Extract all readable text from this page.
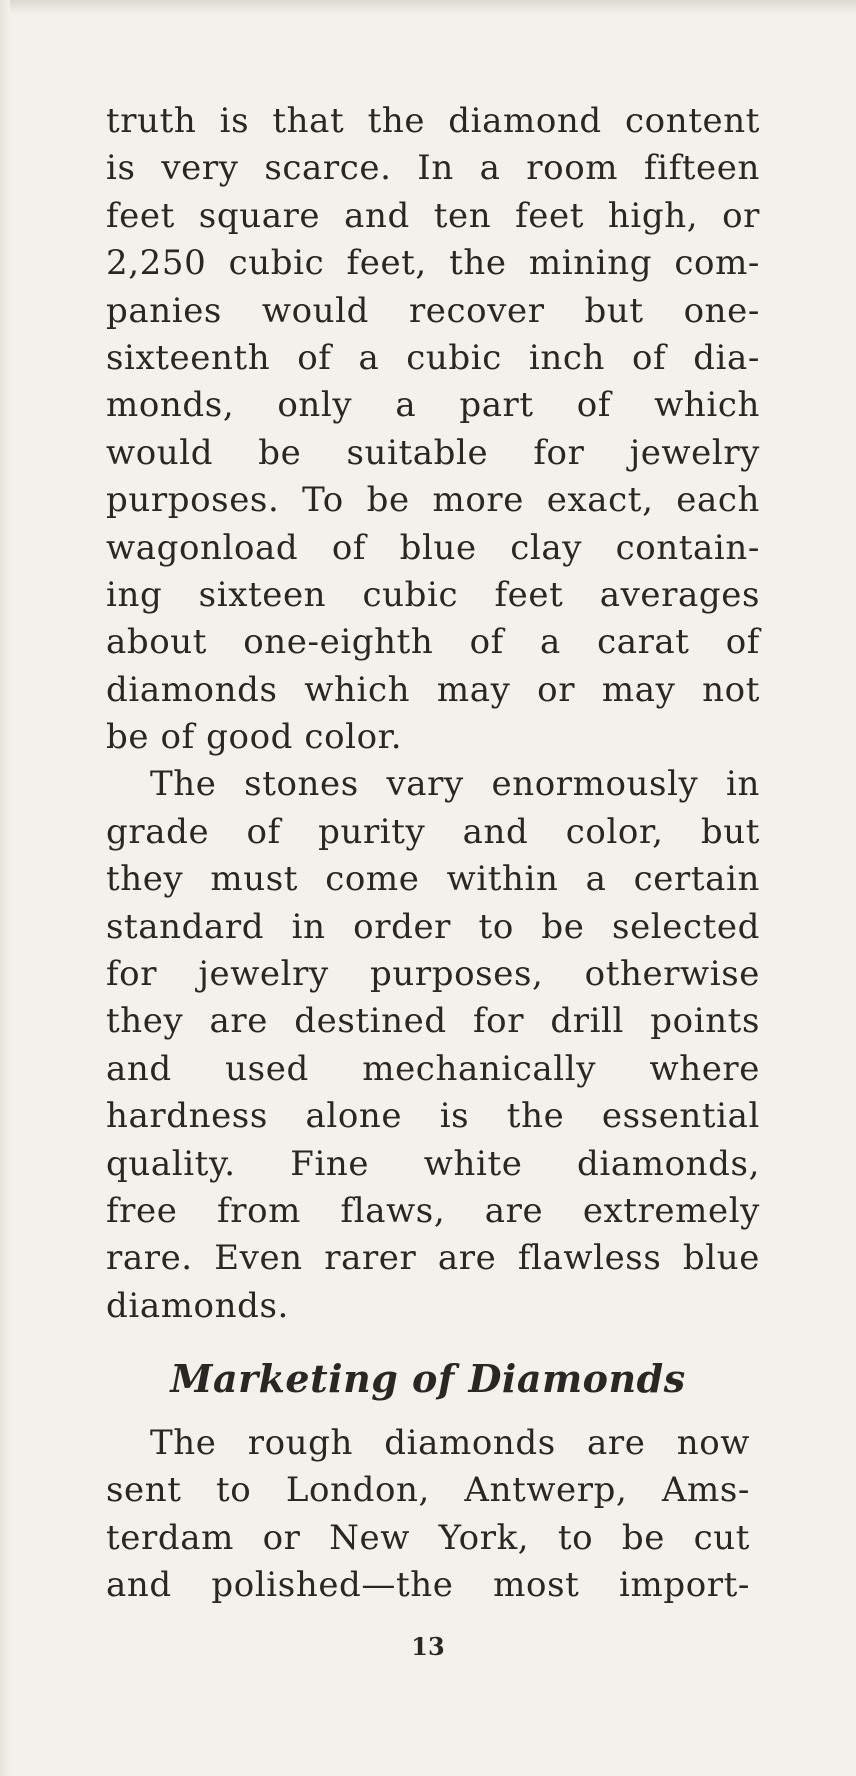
truth is that the diamond content
is very scarce. In a room fifteen
feet square and ten feet high, or
2,250 cubic feet, the mining com-
panies would recover but one-
sixteenth of a cubic inch of dia-
monds, only a part of which
would be suitable for jewelry
purposes. To be more exact, each
wagonload of blue clay contain-
ing sixteen cubic feet averages
about one-eighth of a carat of
diamonds which may or may not
be of good color.
The stones vary enormously in
grade of purity and color, but
they must come within a certain
standard in order to be selected
for jewelry purposes, otherwise
they are destined for drill points
and used mechanically where
hardness alone is the essential
quality. Fine white diamonds,
free from flaws, are extremely
rare. Even rarer are flawless blue
diamonds.
Marketing of Diamonds
The rough diamonds are now
sent to London, Antwerp, Ams-
terdam or New York, to be cut
and polished—the most import-
13
